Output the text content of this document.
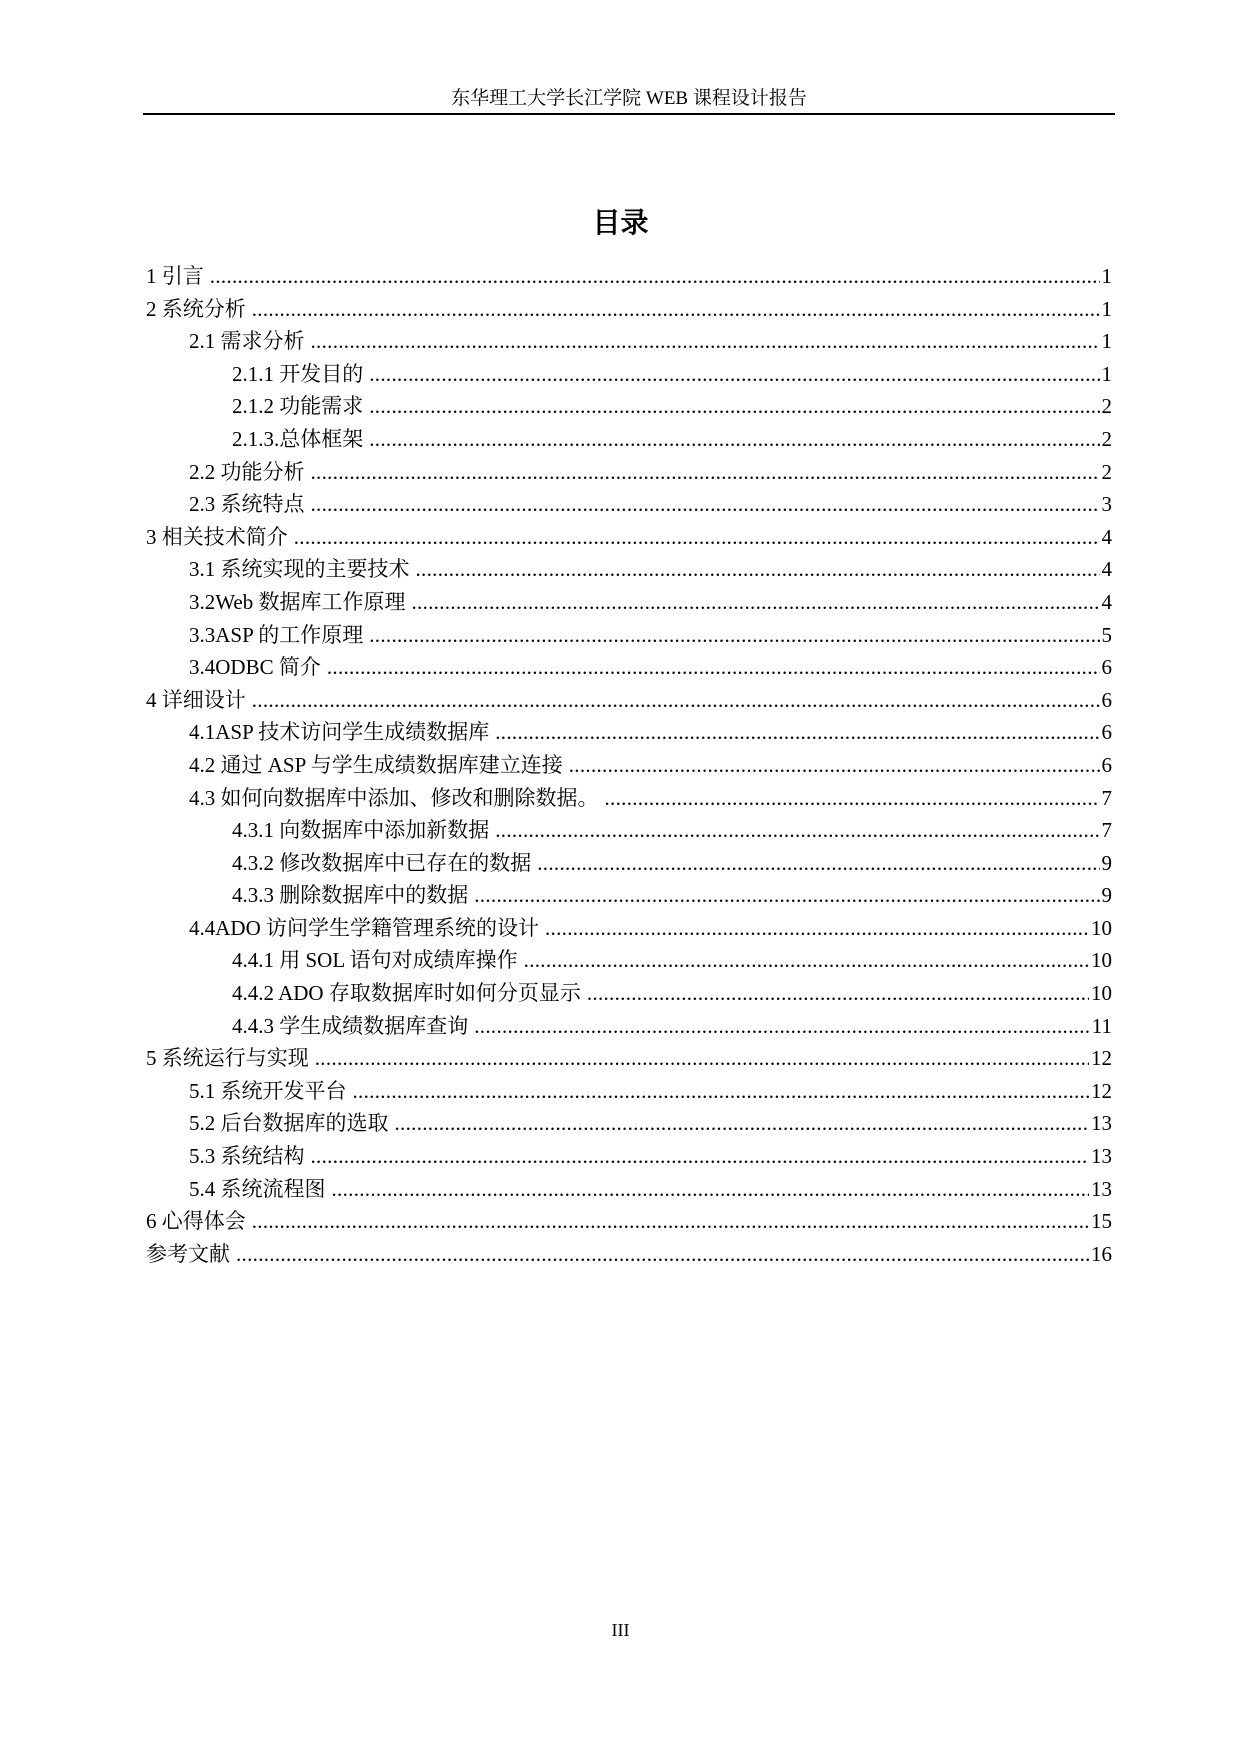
东华理工大学长江学院 WEB 课程设计报告
目录
1 引言 .....	1
2 系统分析 .....	1
2.1 需求分析 .....	1
2.1.1 开发目的 .....	1
2.1.2 功能需求 .....	2
2.1.3.总体框架 .....	2
2.2 功能分析 .....	2
2.3 系统特点 .....	3
3 相关技术简介 .....	4
3.1 系统实现的主要技术 .....	4
3.2Web 数据库工作原理 .....	4
3.3ASP 的工作原理 .....	5
3.4ODBC 简介 .....	6
4 详细设计 .....	6
4.1ASP 技术访问学生成绩数据库 .....	6
4.2 通过 ASP 与学生成绩数据库建立连接 .....	6
4.3 如何向数据库中添加、修改和删除数据。 .....	7
4.3.1 向数据库中添加新数据 .....	7
4.3.2 修改数据库中已存在的数据 .....	9
4.3.3 删除数据库中的数据 .....	9
4.4ADO 访问学生学籍管理系统的设计 .....	10
4.4.1 用 SOL 语句对成绩库操作 .....	10
4.4.2 ADO 存取数据库时如何分页显示 .....	10
4.4.3 学生成绩数据库查询 .....	11
5 系统运行与实现 .....	12
5.1 系统开发平台 .....	12
5.2 后台数据库的选取 .....	13
5.3 系统结构 .....	13
5.4 系统流程图 .....	13
6 心得体会 .....	15
参考文献 .....	16
III
